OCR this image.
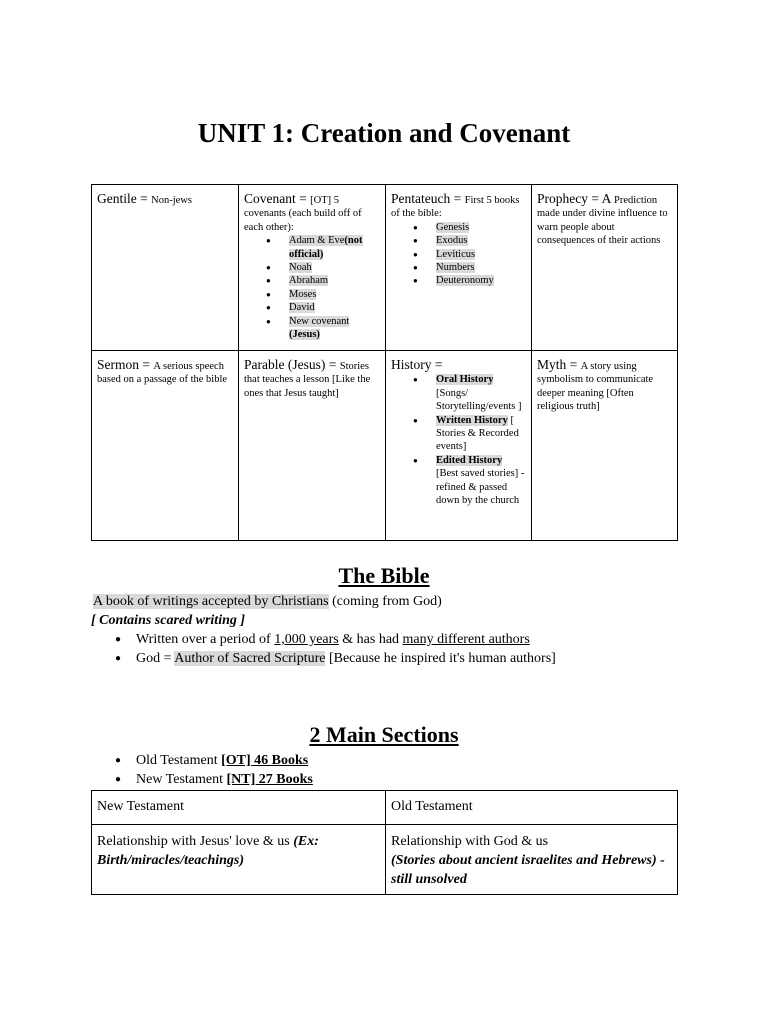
UNIT 1: Creation and Covenant
Gentile = Non-jews	Covenant = [OT] 5 covenants (each build off of each other):
● Adam & Eve(not official)
● Noah
● Abraham
● Moses
● David
● New covenant
(Jesus)
Pentateuch = First 5 books of the bible:
● Genesis
● Exodus
● Leviticus
● Numbers
● Deuteronomy
Prophecy = A Prediction made under divine influence to warn people about consequences of their actions
Sermon = A serious speech based on a passage of the bible
Parable (Jesus) = Stories that teaches a lesson [Like the ones that Jesus taught]
History =
● Oral History
[Songs/ Storytelling/events ]
● Written History [ Stories & Recorded events]
● Edited History
[Best saved stories] - refined & passed down by the church
Myth = A story using symbolism to communicate deeper meaning [Often religious truth]
The Bible
A book of writings accepted by Christians (coming from God)
[ Contains scared writing ]
● Written over a period of 1,000 years & has had many different authors
● God = Author of Sacred Scripture [Because he inspired it's human authors]
2 Main Sections
● Old Testament [OT] 46 Books
● New Testament [NT] 27 Books
New Testament	Old Testament
Relationship with Jesus' love & us (Ex: Birth/miracles/teachings)
Relationship with God & us
(Stories about ancient israelites and Hebrews) - still unsolved
